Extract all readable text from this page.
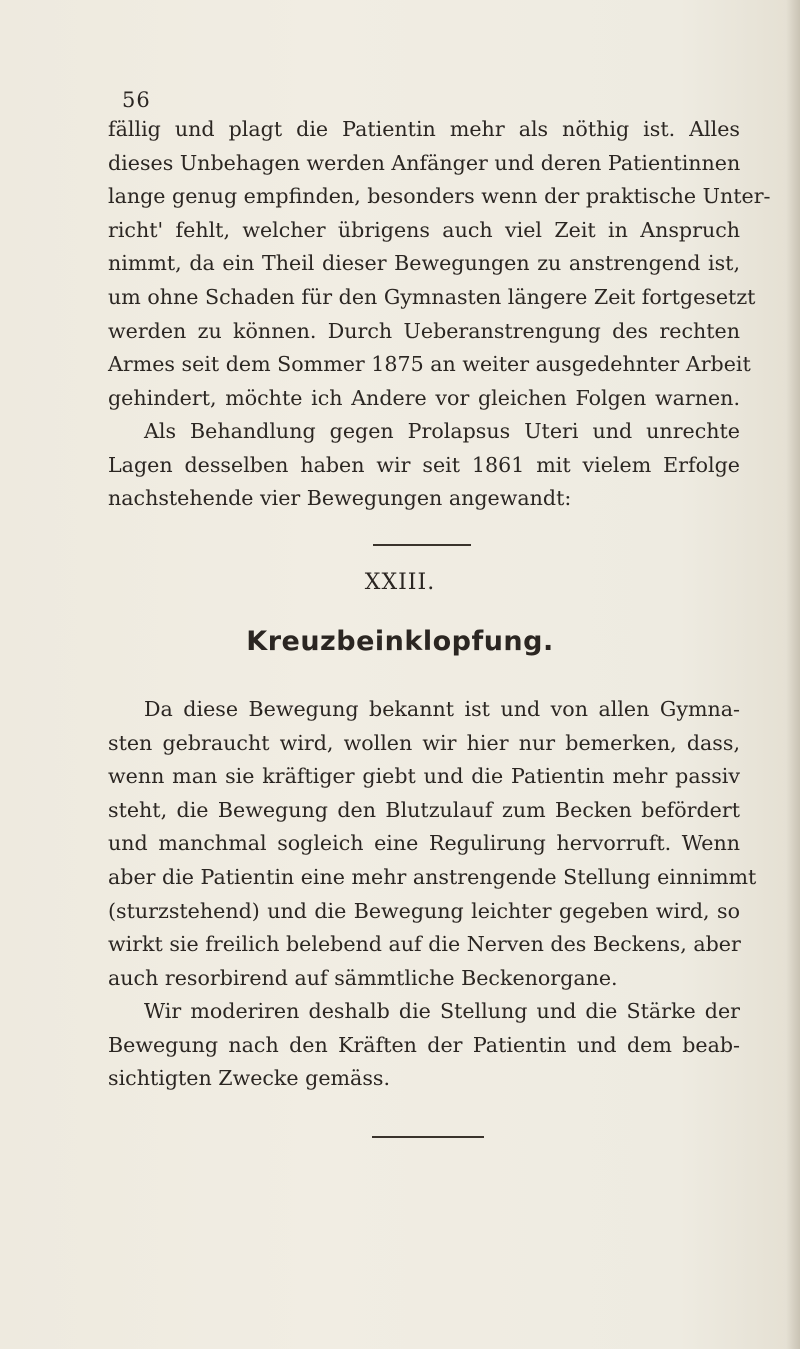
56
fällig und plagt die Patientin mehr als nöthig ist. Alles
dieses Unbehagen werden Anfänger und deren Patientinnen
lange genug empfinden, besonders wenn der praktische Unter-
richt' fehlt, welcher übrigens auch viel Zeit in Anspruch
nimmt, da ein Theil dieser Bewegungen zu anstrengend ist,
um ohne Schaden für den Gymnasten längere Zeit fortgesetzt
werden zu können. Durch Ueberanstrengung des rechten
Armes seit dem Sommer 1875 an weiter ausgedehnter Arbeit
gehindert, möchte ich Andere vor gleichen Folgen warnen.
Als Behandlung gegen Prolapsus Uteri und unrechte
Lagen desselben haben wir seit 1861 mit vielem Erfolge
nachstehende vier Bewegungen angewandt:
XXIII.
Kreuzbeinklopfung.
Da diese Bewegung bekannt ist und von allen Gymna-
sten gebraucht wird, wollen wir hier nur bemerken, dass,
wenn man sie kräftiger giebt und die Patientin mehr passiv
steht, die Bewegung den Blutzulauf zum Becken befördert
und manchmal sogleich eine Regulirung hervorruft. Wenn
aber die Patientin eine mehr anstrengende Stellung einnimmt
(sturzstehend) und die Bewegung leichter gegeben wird, so
wirkt sie freilich belebend auf die Nerven des Beckens, aber
auch resorbirend auf sämmtliche Beckenorgane.
Wir moderiren deshalb die Stellung und die Stärke der
Bewegung nach den Kräften der Patientin und dem beab-
sichtigten Zwecke gemäss.
